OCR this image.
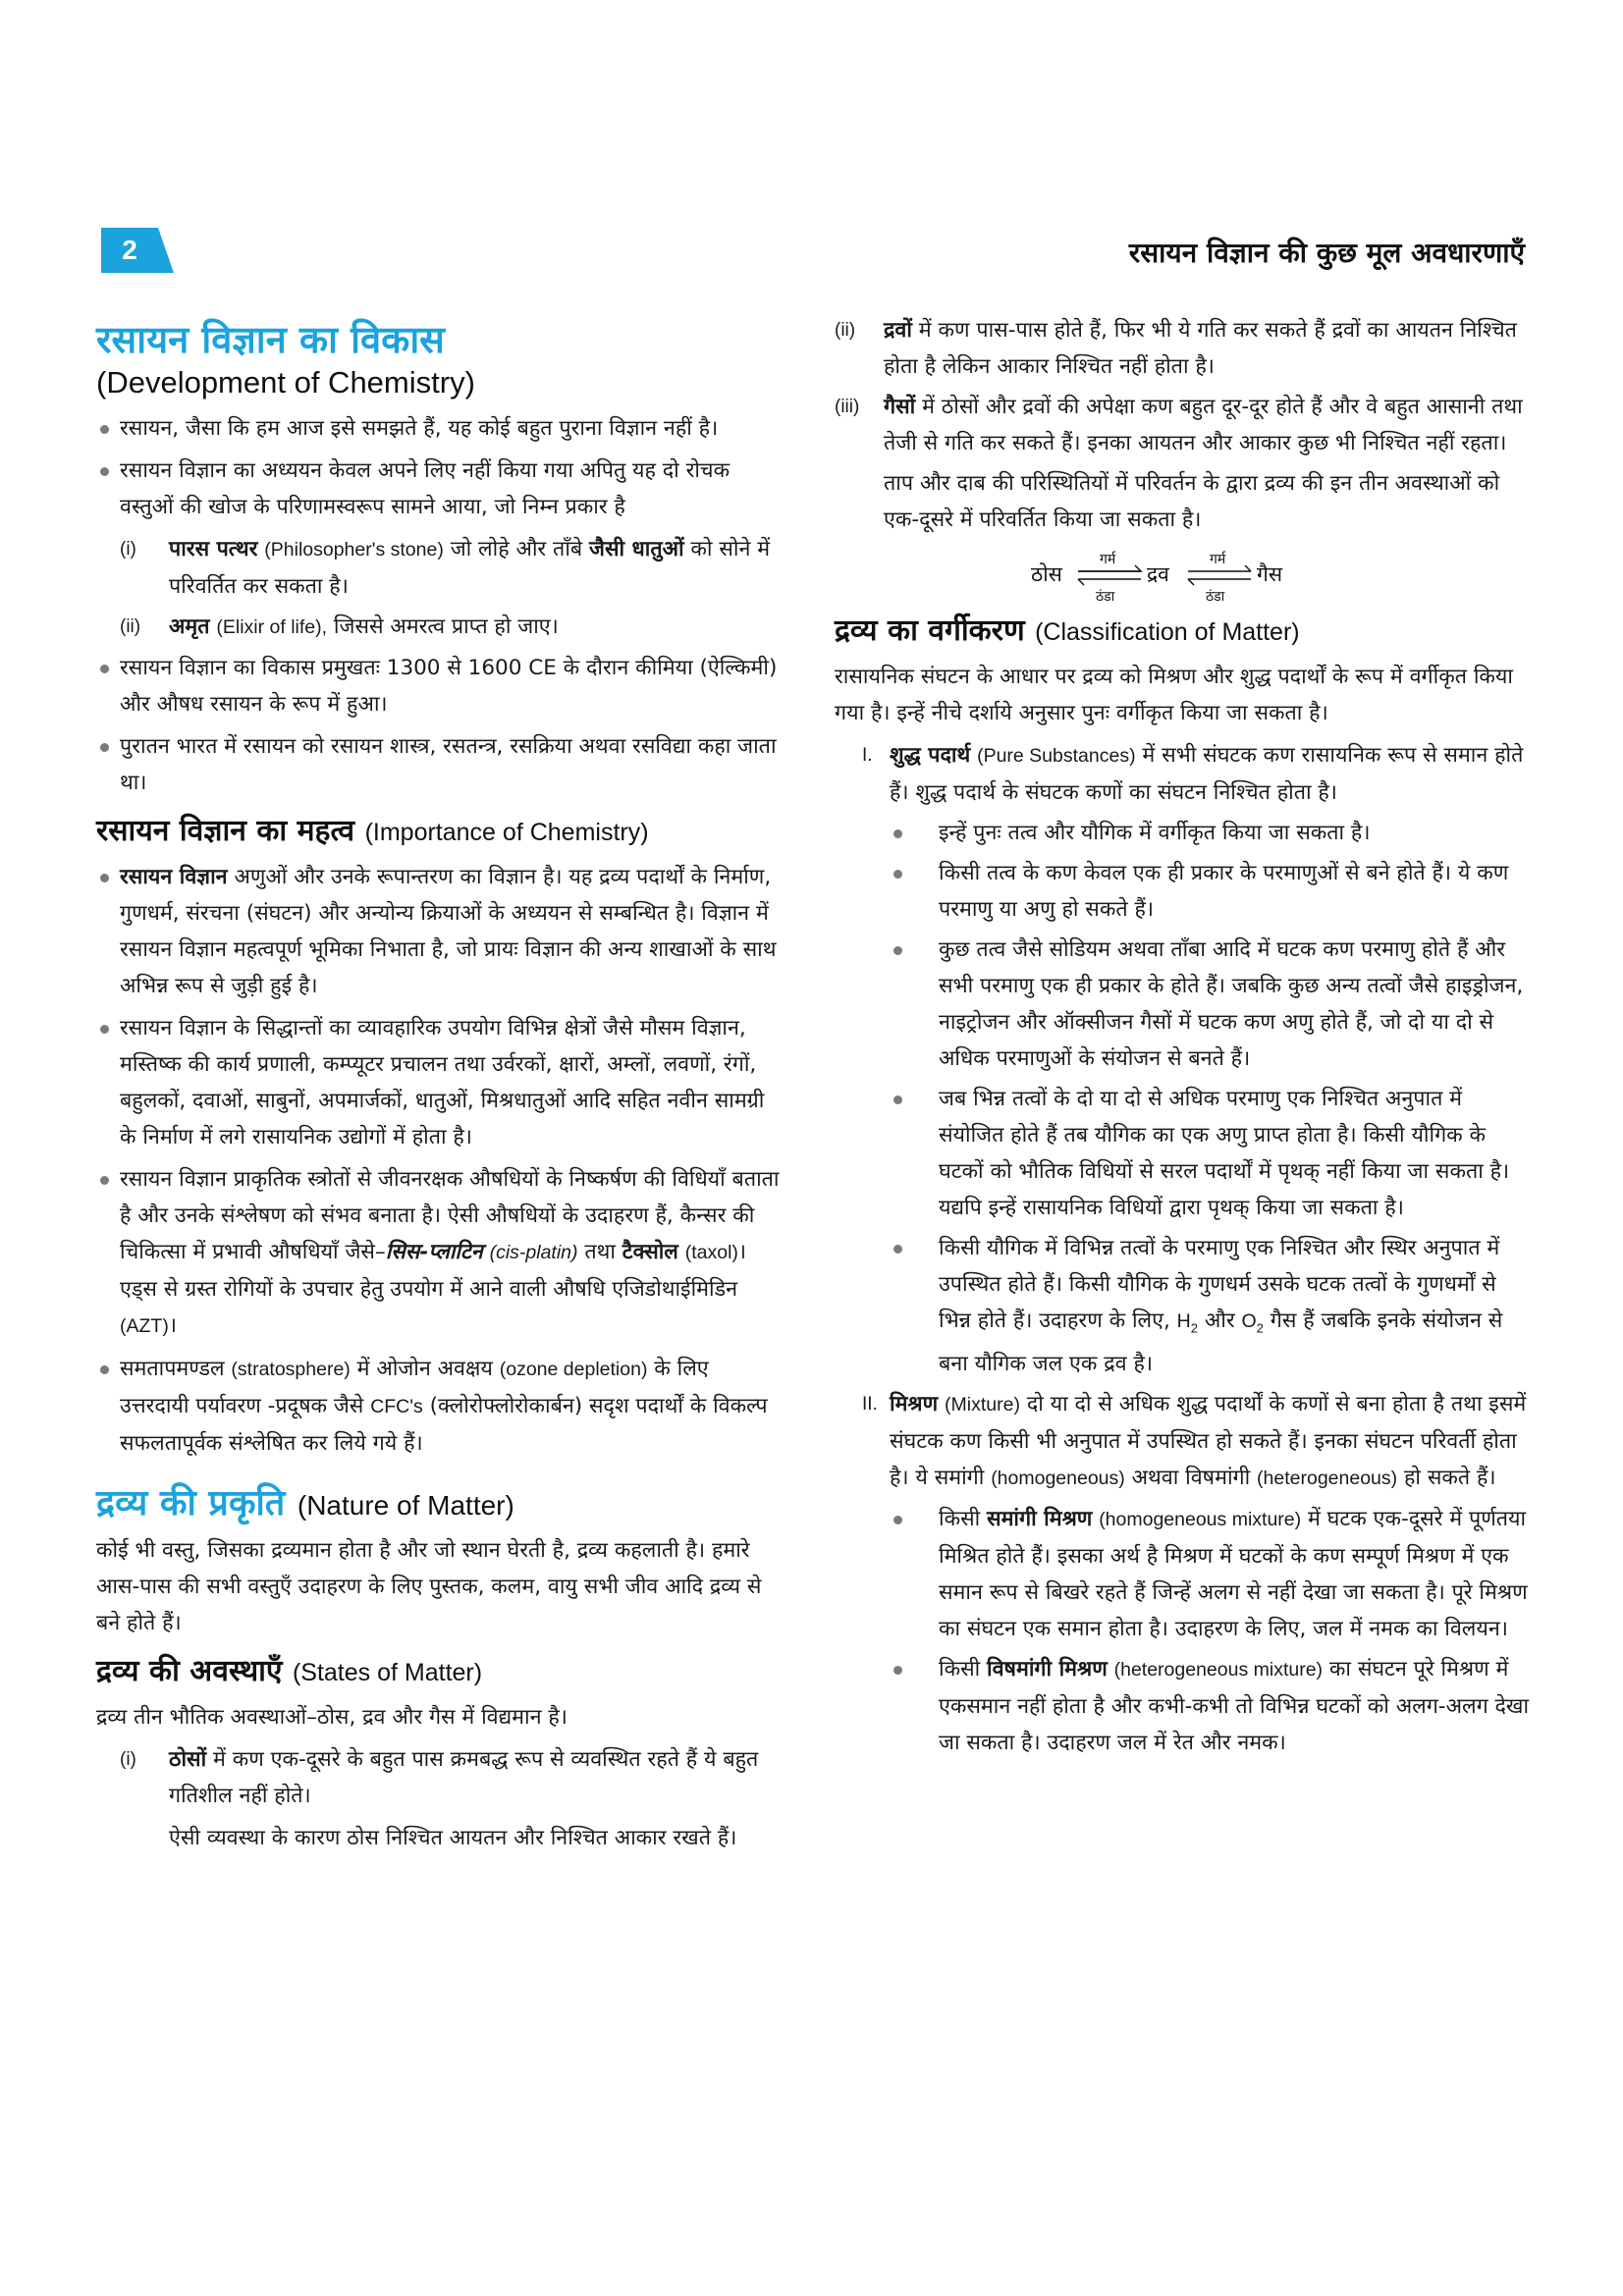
2	रसायन विज्ञान की कुछ मूल अवधारणाएँ
रसायन विज्ञान का विकास
(Development of Chemistry)
रसायन, जैसा कि हम आज इसे समझते हैं, यह कोई बहुत पुराना विज्ञान नहीं है।
रसायन विज्ञान का अध्ययन केवल अपने लिए नहीं किया गया अपितु यह दो रोचक वस्तुओं की खोज के परिणामस्वरूप सामने आया, जो निम्न प्रकार है
(i) पारस पत्थर (Philosopher's stone) जो लोहे और ताँबे जैसी धातुओं को सोने में परिवर्तित कर सकता है।
(ii) अमृत (Elixir of life), जिससे अमरत्व प्राप्त हो जाए।
रसायन विज्ञान का विकास प्रमुखतः 1300 से 1600 CE के दौरान कीमिया (ऐल्किमी) और औषध रसायन के रूप में हुआ।
पुरातन भारत में रसायन को रसायन शास्त्र, रसतन्त्र, रसक्रिया अथवा रसविद्या कहा जाता था।
रसायन विज्ञान का महत्व (Importance of Chemistry)
रसायन विज्ञान अणुओं और उनके रूपान्तरण का विज्ञान है। यह द्रव्य पदार्थों के निर्माण, गुणधर्म, संरचना (संघटन) और अन्योन्य क्रियाओं के अध्ययन से सम्बन्धित है। विज्ञान में रसायन विज्ञान महत्वपूर्ण भूमिका निभाता है, जो प्रायः विज्ञान की अन्य शाखाओं के साथ अभिन्न रूप से जुड़ी हुई है।
रसायन विज्ञान के सिद्धान्तों का व्यावहारिक उपयोग विभिन्न क्षेत्रों जैसे मौसम विज्ञान, मस्तिष्क की कार्य प्रणाली, कम्प्यूटर प्रचालन तथा उर्वरकों, क्षारों, अम्लों, लवणों, रंगों, बहुलकों, दवाओं, साबुनों, अपमार्जकों, धातुओं, मिश्रधातुओं आदि सहित नवीन सामग्री के निर्माण में लगे रासायनिक उद्योगों में होता है।
रसायन विज्ञान प्राकृतिक स्त्रोतों से जीवनरक्षक औषधियों के निष्कर्षण की विधियाँ बताता है और उनके संश्लेषण को संभव बनाता है। ऐसी औषधियों के उदाहरण हैं, कैन्सर की चिकित्सा में प्रभावी औषधियाँ जैसे–सिस-प्लाटिन (cis-platin) तथा टैक्सोल (taxol)। एड्स से ग्रस्त रोगियों के उपचार हेतु उपयोग में आने वाली औषधि एजिडोथाईमिडिन (AZT)।
समतापमण्डल (stratosphere) में ओजोन अवक्षय (ozone depletion) के लिए उत्तरदायी पर्यावरण -प्रदूषक जैसे CFC's (क्लोरोफ्लोरोकार्बन) सदृश पदार्थों के विकल्प सफलतापूर्वक संश्लेषित कर लिये गये हैं।
द्रव्य की प्रकृति (Nature of Matter)

कोई भी वस्तु, जिसका द्रव्यमान होता है और जो स्थान घेरती है, द्रव्य कहलाती है। हमारे आस-पास की सभी वस्तुएँ उदाहरण के लिए पुस्तक, कलम, वायु सभी जीव आदि द्रव्य से बने होते हैं।

द्रव्य की अवस्थाएँ (States of Matter)

द्रव्य तीन भौतिक अवस्थाओं–ठोस, द्रव और गैस में विद्यमान है।

(i) ठोसों में कण एक-दूसरे के बहुत पास क्रमबद्ध रूप से व्यवस्थित रहते हैं ये बहुत गतिशील नहीं होते।
ऐसी व्यवस्था के कारण ठोस निश्चित आयतन और निश्चित आकार रखते हैं।
(ii) द्रवों में कण पास-पास होते हैं, फिर भी ये गति कर सकते हैं द्रवों का आयतन निश्चित होता है लेकिन आकार निश्चित नहीं होता है।
(iii) गैसों में ठोसों और द्रवों की अपेक्षा कण बहुत दूर-दूर होते हैं और वे बहुत आसानी तथा तेजी से गति कर सकते हैं। इनका आयतन और आकार कुछ भी निश्चित नहीं रहता।

ताप और दाब की परिस्थितियों में परिवर्तन के द्वारा द्रव्य की इन तीन अवस्थाओं को एक-दूसरे में परिवर्तित किया जा सकता है।

ठोस
गर्म
ठंडा
द्रव
गर्म
ठंडा
गैस
द्रव्य का वर्गीकरण (Classification of Matter)

रासायनिक संघटन के आधार पर द्रव्य को मिश्रण और शुद्ध पदार्थों के रूप में वर्गीकृत किया गया है। इन्हें नीचे दर्शाये अनुसार पुनः वर्गीकृत किया जा सकता है।

I. शुद्ध पदार्थ (Pure Substances) में सभी संघटक कण रासायनिक रूप से समान होते हैं। शुद्ध पदार्थ के संघटक कणों का संघटन निश्चित होता है।
इन्हें पुनः तत्व और यौगिक में वर्गीकृत किया जा सकता है।
किसी तत्व के कण केवल एक ही प्रकार के परमाणुओं से बने होते हैं। ये कण परमाणु या अणु हो सकते हैं।
कुछ तत्व जैसे सोडियम अथवा ताँबा आदि में घटक कण परमाणु होते हैं और सभी परमाणु एक ही प्रकार के होते हैं। जबकि कुछ अन्य तत्वों जैसे हाइड्रोजन, नाइट्रोजन और ऑक्सीजन गैसों में घटक कण अणु होते हैं, जो दो या दो से अधिक परमाणुओं के संयोजन से बनते हैं।
जब भिन्न तत्वों के दो या दो से अधिक परमाणु एक निश्चित अनुपात में संयोजित होते हैं तब यौगिक का एक अणु प्राप्त होता है। किसी यौगिक के घटकों को भौतिक विधियों से सरल पदार्थों में पृथक् नहीं किया जा सकता है। यद्यपि इन्हें रासायनिक विधियों द्वारा पृथक् किया जा सकता है।
किसी यौगिक में विभिन्न तत्वों के परमाणु एक निश्चित और स्थिर अनुपात में उपस्थित होते हैं। किसी यौगिक के गुणधर्म उसके घटक तत्वों के गुणधर्मों से भिन्न होते हैं। उदाहरण के लिए, $H_2$ और $O_2$ गैस हैं जबकि इनके संयोजन से बना यौगिक जल एक द्रव है।
II. मिश्रण (Mixture) दो या दो से अधिक शुद्ध पदार्थों के कणों से बना होता है तथा इसमें संघटक कण किसी भी अनुपात में उपस्थित हो सकते हैं। इनका संघटन परिवर्ती होता है। ये समांगी (homogeneous) अथवा विषमांगी (heterogeneous) हो सकते हैं।
किसी समांगी मिश्रण (homogeneous mixture) में घटक एक-दूसरे में पूर्णतया मिश्रित होते हैं। इसका अर्थ है मिश्रण में घटकों के कण सम्पूर्ण मिश्रण में एक समान रूप से बिखरे रहते हैं जिन्हें अलग से नहीं देखा जा सकता है। पूरे मिश्रण का संघटन एक समान होता है। उदाहरण के लिए, जल में नमक का विलयन।
किसी विषमांगी मिश्रण (heterogeneous mixture) का संघटन पूरे मिश्रण में एकसमान नहीं होता है और कभी-कभी तो विभिन्न घटकों को अलग-अलग देखा जा सकता है। उदाहरण जल में रेत और नमक।
